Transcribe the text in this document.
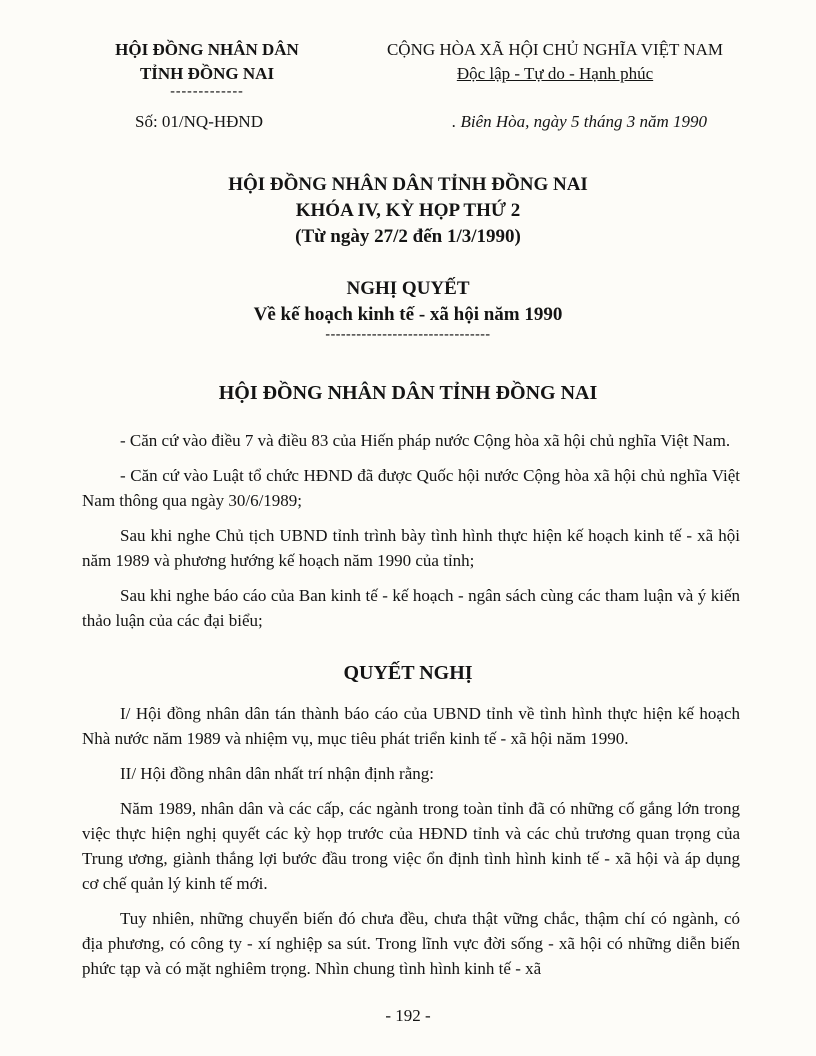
HỘI ĐỒNG NHÂN DÂN
TỈNH ĐỒNG NAI
-------------
CỘNG HÒA XÃ HỘI CHỦ NGHĨA VIỆT NAM
Độc lập - Tự do - Hạnh phúc
Số: 01/NQ-HĐND	. Biên Hòa, ngày 5 tháng 3 năm 1990
HỘI ĐỒNG NHÂN DÂN TỈNH ĐỒNG NAI
KHÓA IV, KỲ HỌP THỨ 2
(Từ ngày 27/2 đến 1/3/1990)
NGHỊ QUYẾT
Về kế hoạch kinh tế - xã hội năm 1990
--------------------------------
HỘI ĐỒNG NHÂN DÂN TỈNH ĐỒNG NAI

- Căn cứ vào điều 7 và điều 83 của Hiến pháp nước Cộng hòa xã hội chủ nghĩa Việt Nam.

- Căn cứ vào Luật tổ chức HĐND đã được Quốc hội nước Cộng hòa xã hội chủ nghĩa Việt Nam thông qua ngày 30/6/1989;

Sau khi nghe Chủ tịch UBND tỉnh trình bày tình hình thực hiện kế hoạch kinh tế - xã hội năm 1989 và phương hướng kế hoạch năm 1990 của tỉnh;

Sau khi nghe báo cáo của Ban kinh tế - kế hoạch - ngân sách cùng các tham luận và ý kiến thảo luận của các đại biểu;

QUYẾT NGHỊ

I/ Hội đồng nhân dân tán thành báo cáo của UBND tỉnh về tình hình thực hiện kế hoạch Nhà nước năm 1989 và nhiệm vụ, mục tiêu phát triển kinh tế - xã hội năm 1990.

II/ Hội đồng nhân dân nhất trí nhận định rằng:

Năm 1989, nhân dân và các cấp, các ngành trong toàn tỉnh đã có những cố gắng lớn trong việc thực hiện nghị quyết các kỳ họp trước của HĐND tỉnh và các chủ trương quan trọng của Trung ương, giành thắng lợi bước đầu trong việc ổn định tình hình kinh tế - xã hội và áp dụng cơ chế quản lý kinh tế mới.

Tuy nhiên, những chuyển biến đó chưa đều, chưa thật vững chắc, thậm chí có ngành, có địa phương, có công ty - xí nghiệp sa sút. Trong lĩnh vực đời sống - xã hội có những diễn biến phức tạp và có mặt nghiêm trọng. Nhìn chung tình hình kinh tế - xã

- 192 -
